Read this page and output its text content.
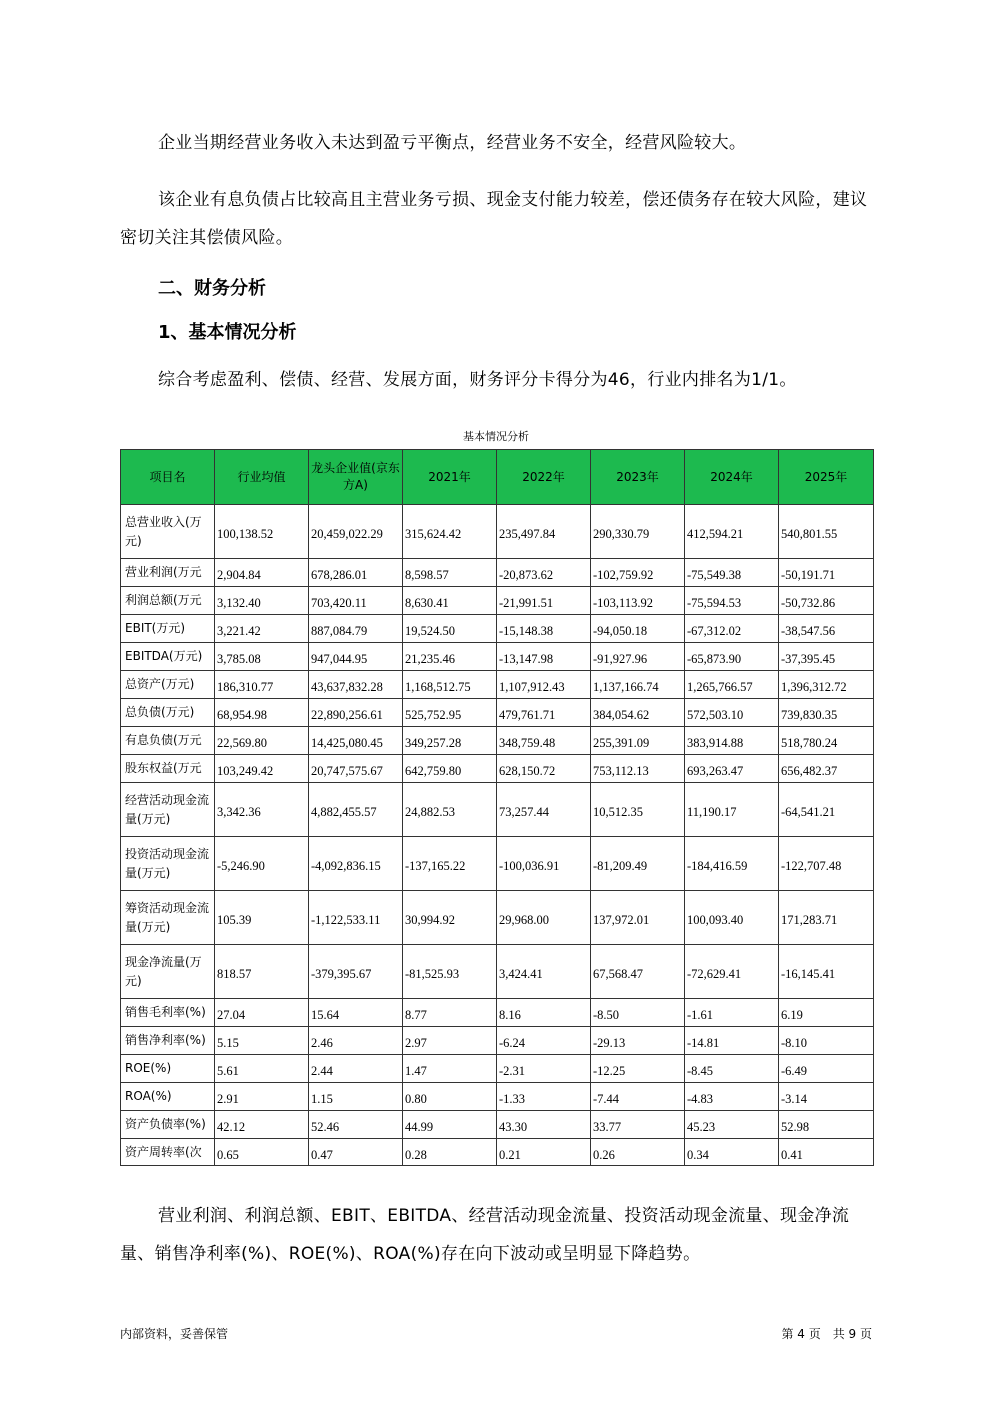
企业当期经营业务收入未达到盈亏平衡点，经营业务不安全，经营风险较大。
该企业有息负债占比较高且主营业务亏损、现金支付能力较差，偿还债务存在较大风险，建议密切关注其偿债风险。
二、财务分析
1、基本情况分析
综合考虑盈利、偿债、经营、发展方面，财务评分卡得分为46，行业内排名为1/1。
基本情况分析
项目名	行业均值	龙头企业值(京东方A)	2021年	2022年	2023年	2024年	2025年
总营业收入(万元)	100,138.52	20,459,022.29	315,624.42	235,497.84	290,330.79	412,594.21	540,801.55
营业利润(万元	2,904.84	678,286.01	8,598.57	-20,873.62	-102,759.92	-75,549.38	-50,191.71
利润总额(万元	3,132.40	703,420.11	8,630.41	-21,991.51	-103,113.92	-75,594.53	-50,732.86
EBIT(万元)	3,221.42	887,084.79	19,524.50	-15,148.38	-94,050.18	-67,312.02	-38,547.56
EBITDA(万元)	3,785.08	947,044.95	21,235.46	-13,147.98	-91,927.96	-65,873.90	-37,395.45
总资产(万元)	186,310.77	43,637,832.28	1,168,512.75	1,107,912.43	1,137,166.74	1,265,766.57	1,396,312.72
总负债(万元)	68,954.98	22,890,256.61	525,752.95	479,761.71	384,054.62	572,503.10	739,830.35
有息负债(万元	22,569.80	14,425,080.45	349,257.28	348,759.48	255,391.09	383,914.88	518,780.24
股东权益(万元	103,249.42	20,747,575.67	642,759.80	628,150.72	753,112.13	693,263.47	656,482.37
经营活动现金流量(万元)	3,342.36	4,882,455.57	24,882.53	73,257.44	10,512.35	11,190.17	-64,541.21
投资活动现金流量(万元)	-5,246.90	-4,092,836.15	-137,165.22	-100,036.91	-81,209.49	-184,416.59	-122,707.48
筹资活动现金流量(万元)	105.39	-1,122,533.11	30,994.92	29,968.00	137,972.01	100,093.40	171,283.71
现金净流量(万元)	818.57	-379,395.67	-81,525.93	3,424.41	67,568.47	-72,629.41	-16,145.41
销售毛利率(%)	27.04	15.64	8.77	8.16	-8.50	-1.61	6.19
销售净利率(%)	5.15	2.46	2.97	-6.24	-29.13	-14.81	-8.10
ROE(%)	5.61	2.44	1.47	-2.31	-12.25	-8.45	-6.49
ROA(%)	2.91	1.15	0.80	-1.33	-7.44	-4.83	-3.14
资产负债率(%)	42.12	52.46	44.99	43.30	33.77	45.23	52.98
资产周转率(次	0.65	0.47	0.28	0.21	0.26	0.34	0.41
营业利润、利润总额、EBIT、EBITDA、经营活动现金流量、投资活动现金流量、现金净流量、销售净利率(%)、ROE(%)、ROA(%)存在向下波动或呈明显下降趋势。
内部资料，妥善保管	第 4 页　共 9 页
